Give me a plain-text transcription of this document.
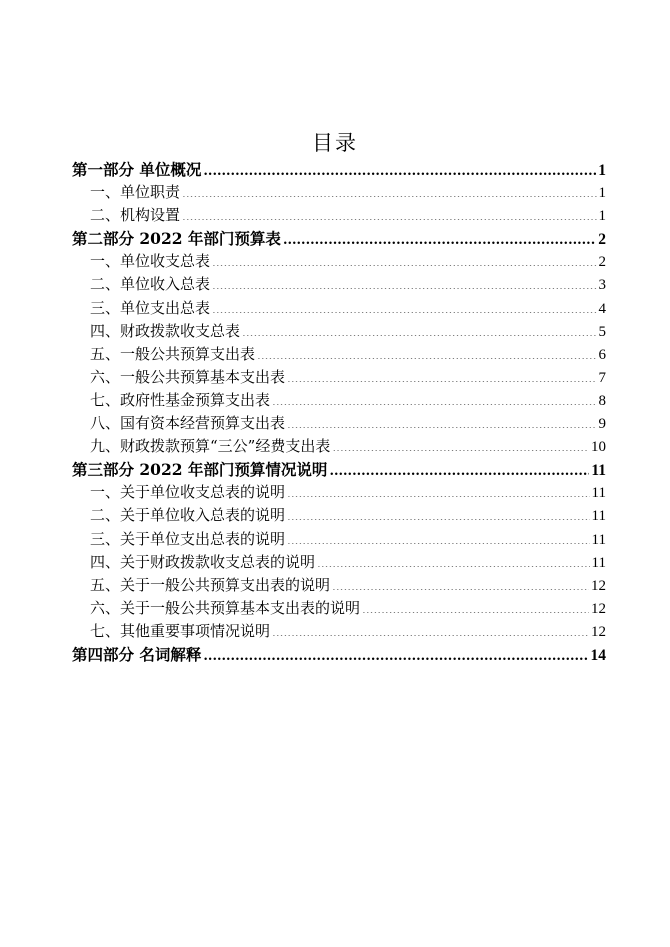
目录
第一部分 单位概况 .....	1
一、单位职责 .....	1
二、机构设置 .....	1
第二部分 2022 年部门预算表 .....	2
一、单位收支总表 .....	2
二、单位收入总表 .....	3
三、单位支出总表 .....	4
四、财政拨款收支总表 .....	5
五、一般公共预算支出表 .....	6
六、一般公共预算基本支出表 .....	7
七、政府性基金预算支出表 .....	8
八、国有资本经营预算支出表 .....	9
九、财政拨款预算“三公”经费支出表 .....	10
第三部分 2022 年部门预算情况说明 .....	11
一、关于单位收支总表的说明 .....	11
二、关于单位收入总表的说明 .....	11
三、关于单位支出总表的说明 .....	11
四、关于财政拨款收支总表的说明 .....	11
五、关于一般公共预算支出表的说明 .....	12
六、关于一般公共预算基本支出表的说明 .....	12
七、其他重要事项情况说明 .....	12
第四部分 名词解释 .....	14
